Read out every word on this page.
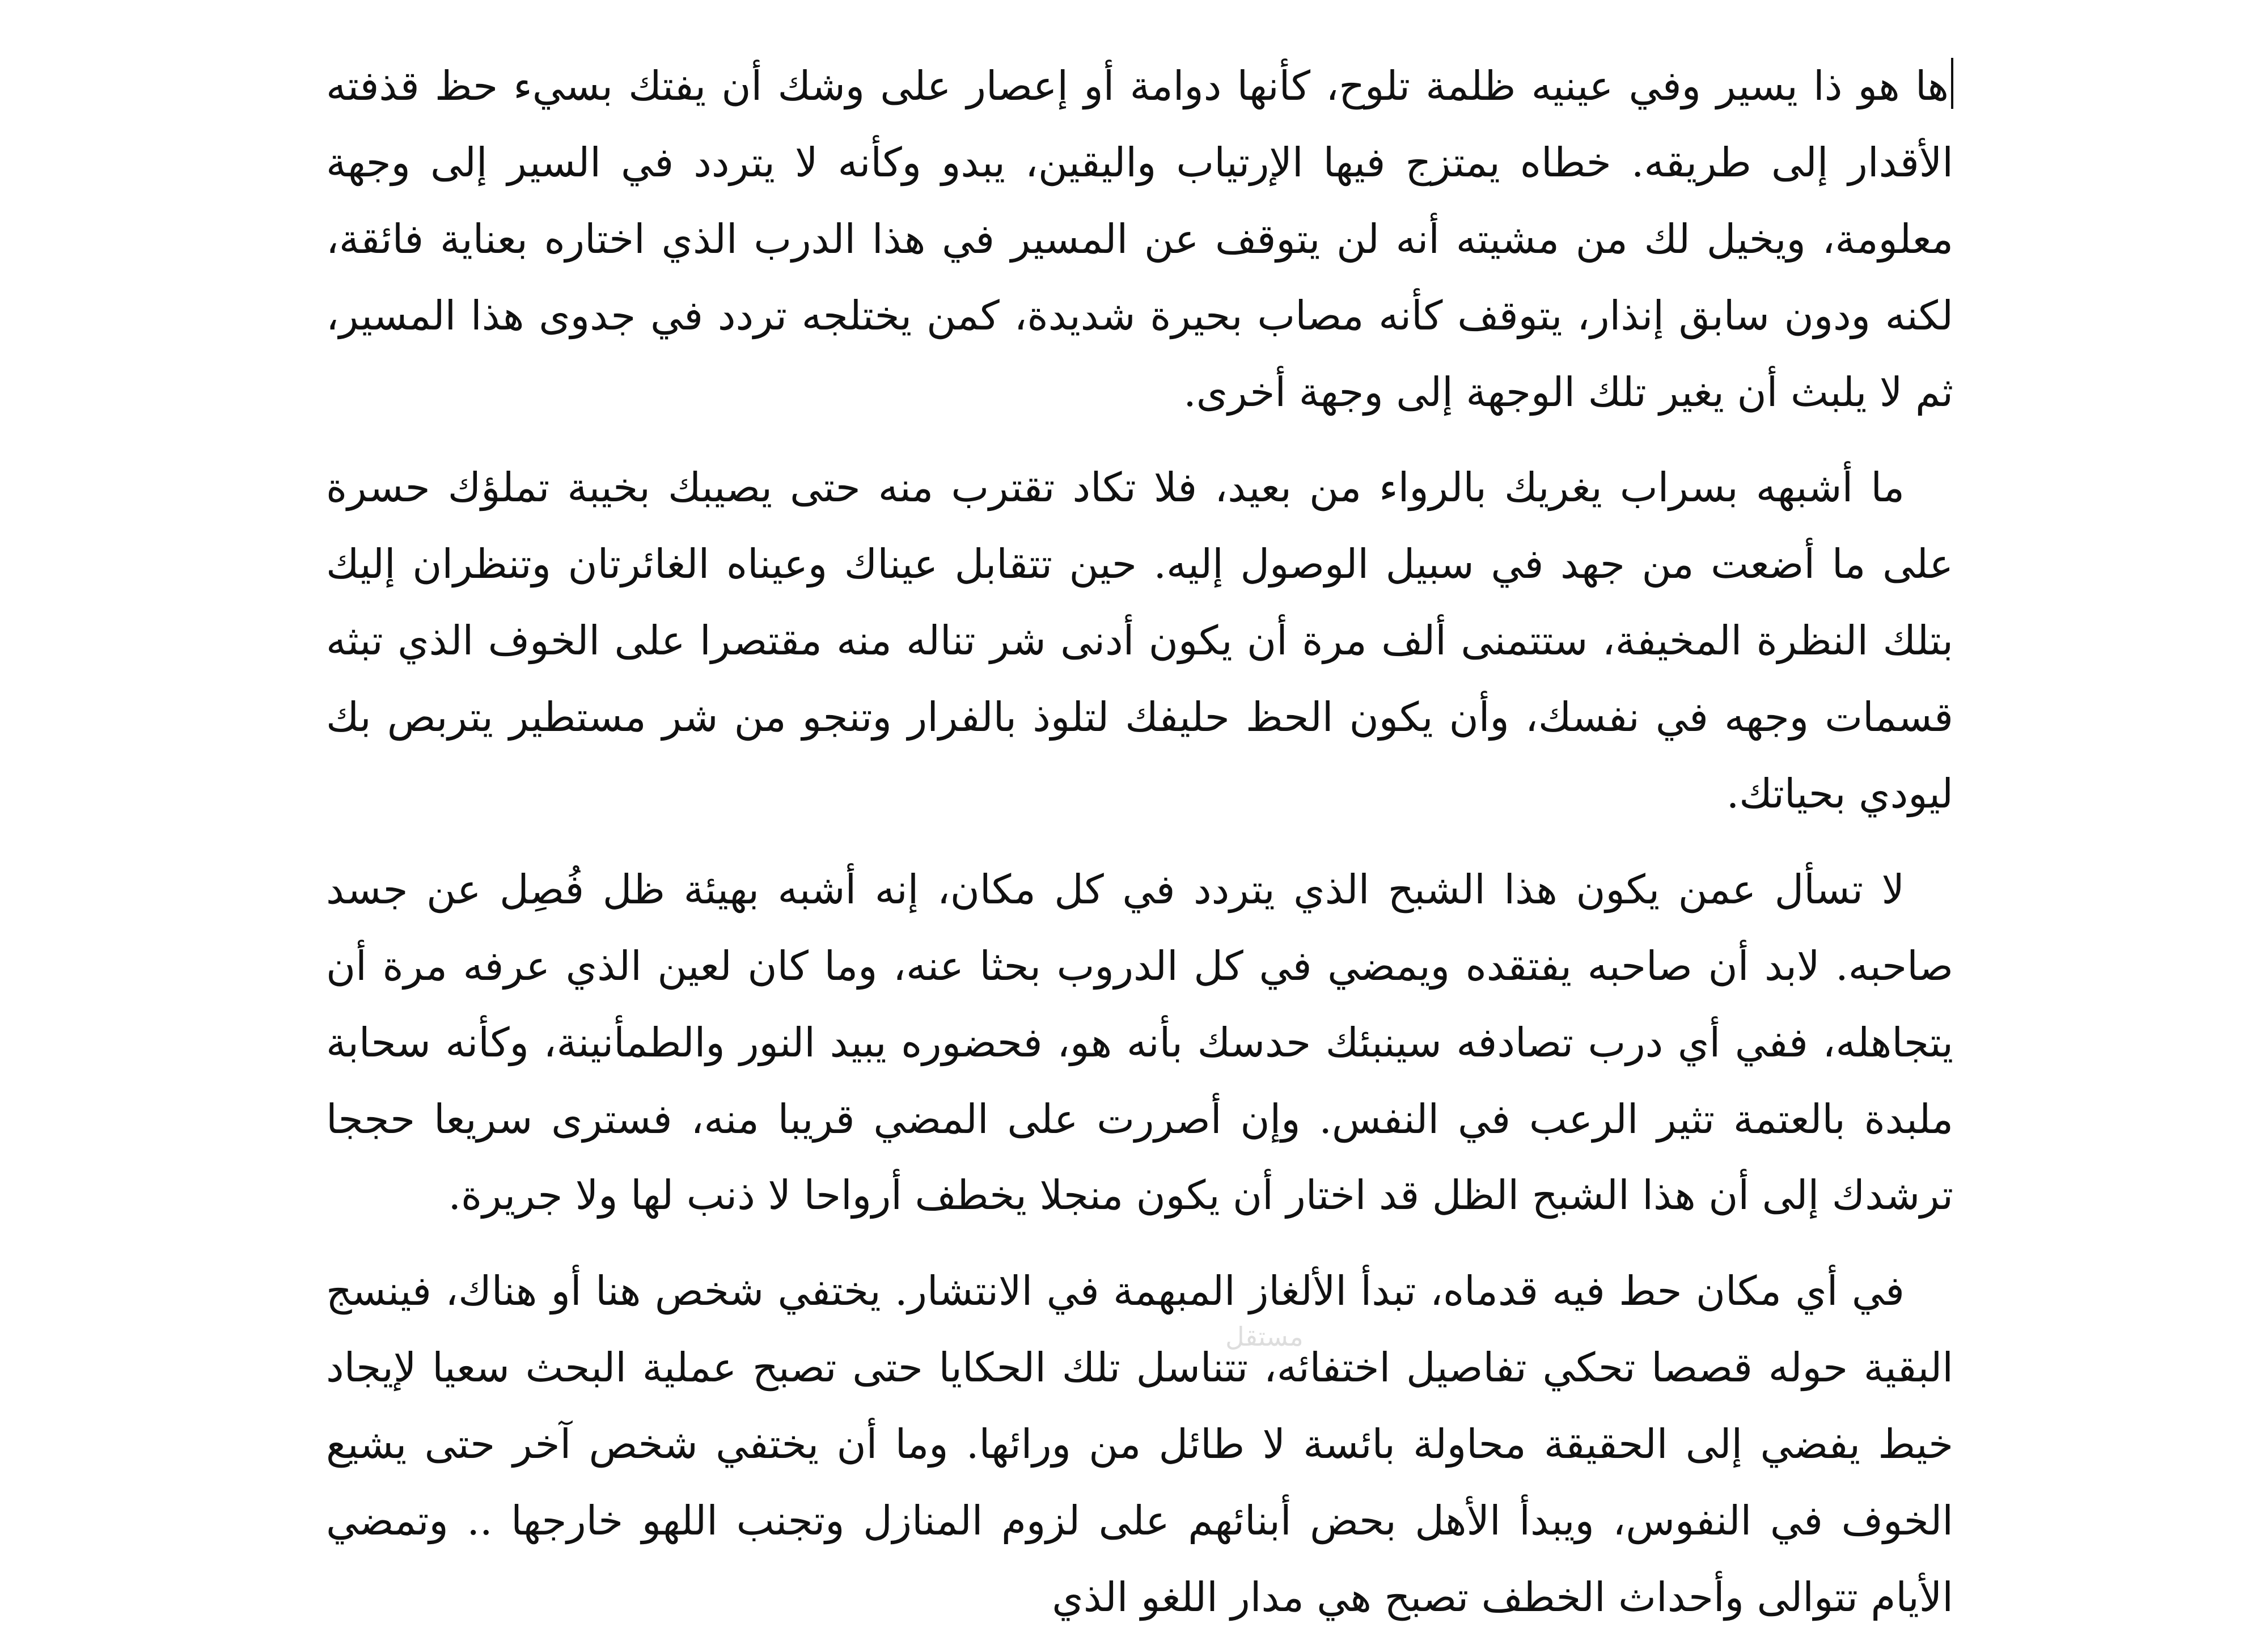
ها هو ذا يسير وفي عينيه ظلمة تلوح، كأنها دوامة أو إعصار على وشك أن يفتك بسيء حظ قذفته الأقدار إلى طريقه. خطاه يمتزج فيها الإرتياب واليقين، يبدو وكأنه لا يتردد في السير إلى وجهة معلومة، ويخيل لك من مشيته أنه لن يتوقف عن المسير في هذا الدرب الذي اختاره بعناية فائقة، لكنه ودون سابق إنذار، يتوقف كأنه مصاب بحيرة شديدة، كمن يختلجه تردد في جدوى هذا المسير، ثم لا يلبث أن يغير تلك الوجهة إلى وجهة أخرى.

ما أشبهه بسراب يغريك بالرواء من بعيد، فلا تكاد تقترب منه حتى يصيبك بخيبة تملؤك حسرة على ما أضعت من جهد في سبيل الوصول إليه. حين تتقابل عيناك وعيناه الغائرتان وتنظران إليك بتلك النظرة المخيفة، ستتمنى ألف مرة أن يكون أدنى شر تناله منه مقتصرا على الخوف الذي تبثه قسمات وجهه في نفسك، وأن يكون الحظ حليفك لتلوذ بالفرار وتنجو من شر مستطير يتربص بك ليودي بحياتك.

لا تسأل عمن يكون هذا الشبح الذي يتردد في كل مكان، إنه أشبه بهيئة ظل فُصِل عن جسد صاحبه. لابد أن صاحبه يفتقده ويمضي في كل الدروب بحثا عنه، وما كان لعين الذي عرفه مرة أن يتجاهله، ففي أي درب تصادفه سينبئك حدسك بأنه هو، فحضوره يبيد النور والطمأنينة، وكأنه سحابة ملبدة بالعتمة تثير الرعب في النفس. وإن أصررت على المضي قريبا منه، فسترى سريعا حججا ترشدك إلى أن هذا الشبح الظل قد اختار أن يكون منجلا يخطف أرواحا لا ذنب لها ولا جريرة.

في أي مكان حط فيه قدماه، تبدأ الألغاز المبهمة في الانتشار. يختفي شخص هنا أو هناك، فينسج البقية حوله قصصا تحكي تفاصيل اختفائه، تتناسل تلك الحكايا حتى تصبح عملية البحث سعيا لإيجاد خيط يفضي إلى الحقيقة محاولة بائسة لا طائل من ورائها. وما أن يختفي شخص آخر حتى يشيع الخوف في النفوس، ويبدأ الأهل بحض أبنائهم على لزوم المنازل وتجنب اللهو خارجها .. وتمضي الأيام تتوالى وأحداث الخطف تصبح هي مدار اللغو الذي

مستقل
